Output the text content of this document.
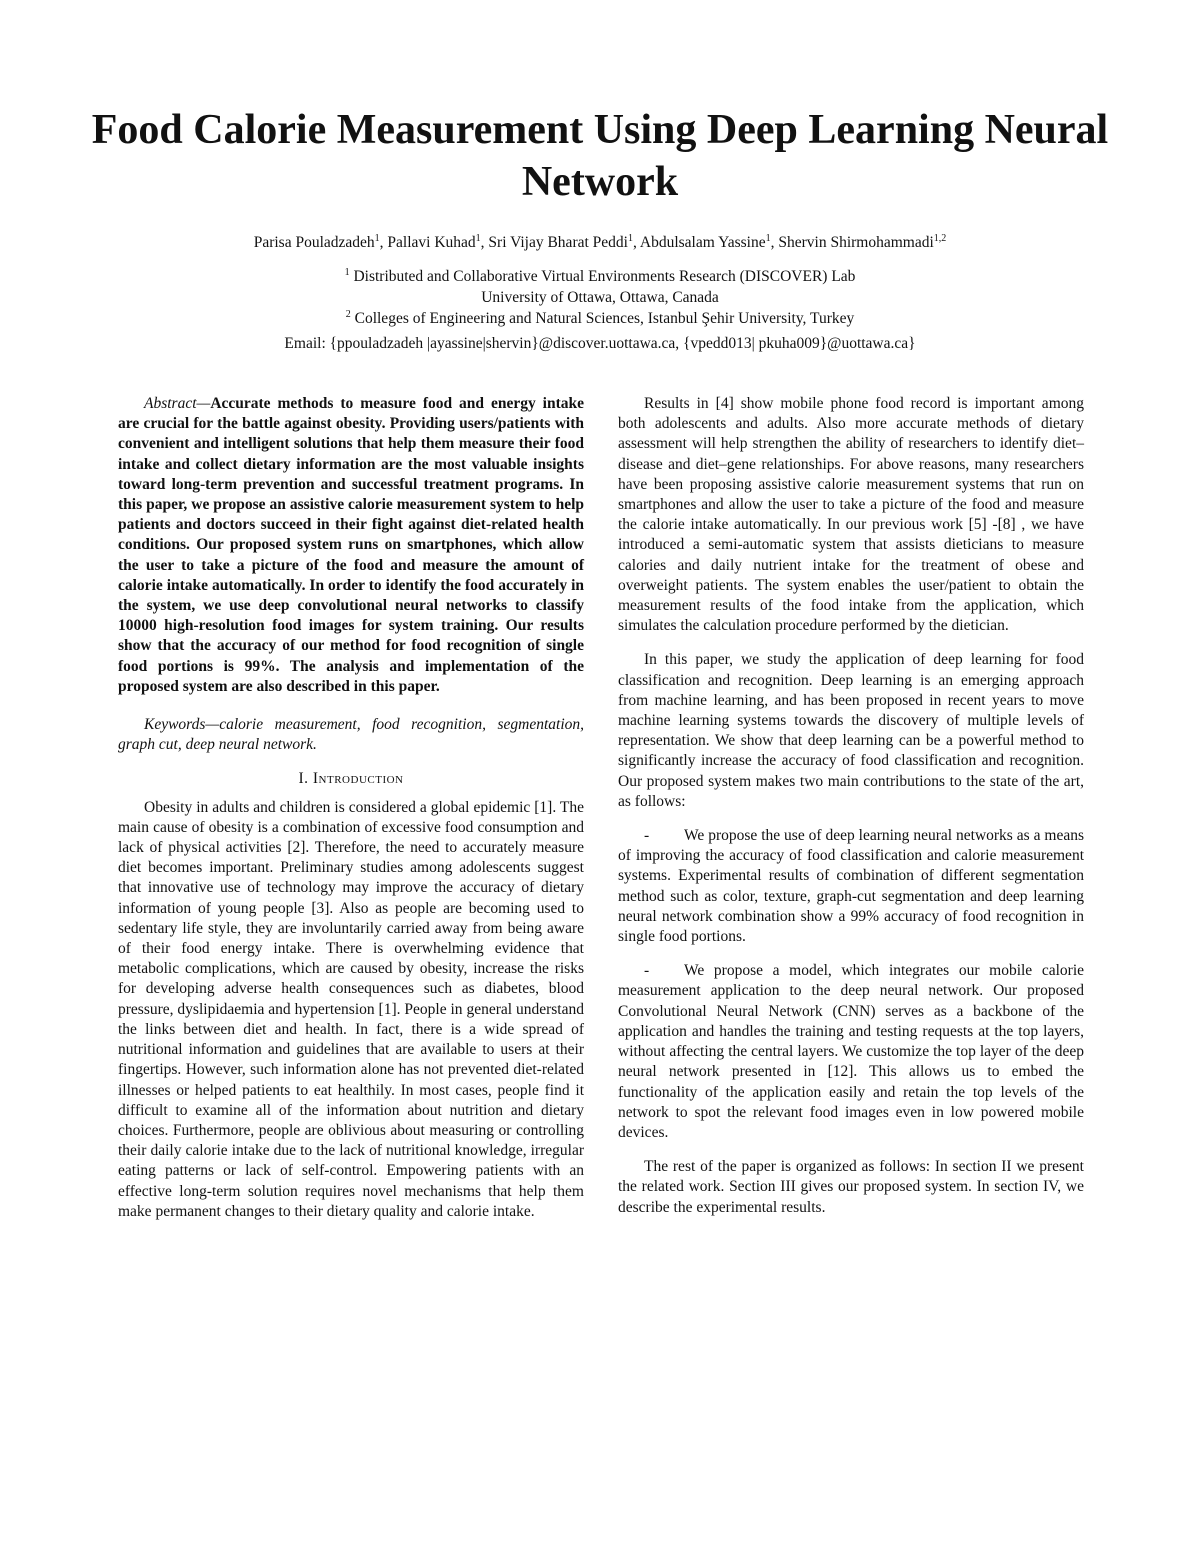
Food Calorie Measurement Using Deep Learning Neural Network
Parisa Pouladzadeh$^1$, Pallavi Kuhad$^1$, Sri Vijay Bharat Peddi$^1$, Abdulsalam Yassine$^1$, Shervin Shirmohammadi$^{1,2}$
$^1$ Distributed and Collaborative Virtual Environments Research (DISCOVER) Lab
University of Ottawa, Ottawa, Canada
$^2$ Colleges of Engineering and Natural Sciences, Istanbul Şehir University, Turkey
Email: {ppouladzadeh |ayassine|shervin}@discover.uottawa.ca, {vpedd013| pkuha009}@uottawa.ca}

Abstract—Accurate methods to measure food and energy intake are crucial for the battle against obesity. Providing users/patients with convenient and intelligent solutions that help them measure their food intake and collect dietary information are the most valuable insights toward long-term prevention and successful treatment programs. In this paper, we propose an assistive calorie measurement system to help patients and doctors succeed in their fight against diet-related health conditions. Our proposed system runs on smartphones, which allow the user to take a picture of the food and measure the amount of calorie intake automatically. In order to identify the food accurately in the system, we use deep convolutional neural networks to classify 10000 high-resolution food images for system training. Our results show that the accuracy of our method for food recognition of single food portions is 99%. The analysis and implementation of the proposed system are also described in this paper.

Keywords—calorie measurement, food recognition, segmentation, graph cut, deep neural network.

I. Introduction

Obesity in adults and children is considered a global epidemic [1]. The main cause of obesity is a combination of excessive food consumption and lack of physical activities [2]. Therefore, the need to accurately measure diet becomes important. Preliminary studies among adolescents suggest that innovative use of technology may improve the accuracy of dietary information of young people [3]. Also as people are becoming used to sedentary life style, they are involuntarily carried away from being aware of their food energy intake. There is overwhelming evidence that metabolic complications, which are caused by obesity, increase the risks for developing adverse health consequences such as diabetes, blood pressure, dyslipidaemia and hypertension [1]. People in general understand the links between diet and health. In fact, there is a wide spread of nutritional information and guidelines that are available to users at their fingertips. However, such information alone has not prevented diet-related illnesses or helped patients to eat healthily. In most cases, people find it difficult to examine all of the information about nutrition and dietary choices. Furthermore, people are oblivious about measuring or controlling their daily calorie intake due to the lack of nutritional knowledge, irregular eating patterns or lack of self-control. Empowering patients with an effective long-term solution requires novel mechanisms that help them make permanent changes to their dietary quality and calorie intake.

Results in [4] show mobile phone food record is important among both adolescents and adults. Also more accurate methods of dietary assessment will help strengthen the ability of researchers to identify diet–disease and diet–gene relationships. For above reasons, many researchers have been proposing assistive calorie measurement systems that run on smartphones and allow the user to take a picture of the food and measure the calorie intake automatically. In our previous work [5] -[8] , we have introduced a semi-automatic system that assists dieticians to measure calories and daily nutrient intake for the treatment of obese and overweight patients. The system enables the user/patient to obtain the measurement results of the food intake from the application, which simulates the calculation procedure performed by the dietician.

In this paper, we study the application of deep learning for food classification and recognition. Deep learning is an emerging approach from machine learning, and has been proposed in recent years to move machine learning systems towards the discovery of multiple levels of representation. We show that deep learning can be a powerful method to significantly increase the accuracy of food classification and recognition. Our proposed system makes two main contributions to the state of the art, as follows:

- We propose the use of deep learning neural networks as a means of improving the accuracy of food classification and calorie measurement systems. Experimental results of combination of different segmentation method such as color, texture, graph-cut segmentation and deep learning neural network combination show a 99% accuracy of food recognition in single food portions.

- We propose a model, which integrates our mobile calorie measurement application to the deep neural network. Our proposed Convolutional Neural Network (CNN) serves as a backbone of the application and handles the training and testing requests at the top layers, without affecting the central layers. We customize the top layer of the deep neural network presented in [12]. This allows us to embed the functionality of the application easily and retain the top levels of the network to spot the relevant food images even in low powered mobile devices.

The rest of the paper is organized as follows: In section II we present the related work. Section III gives our proposed system. In section IV, we describe the experimental results.
